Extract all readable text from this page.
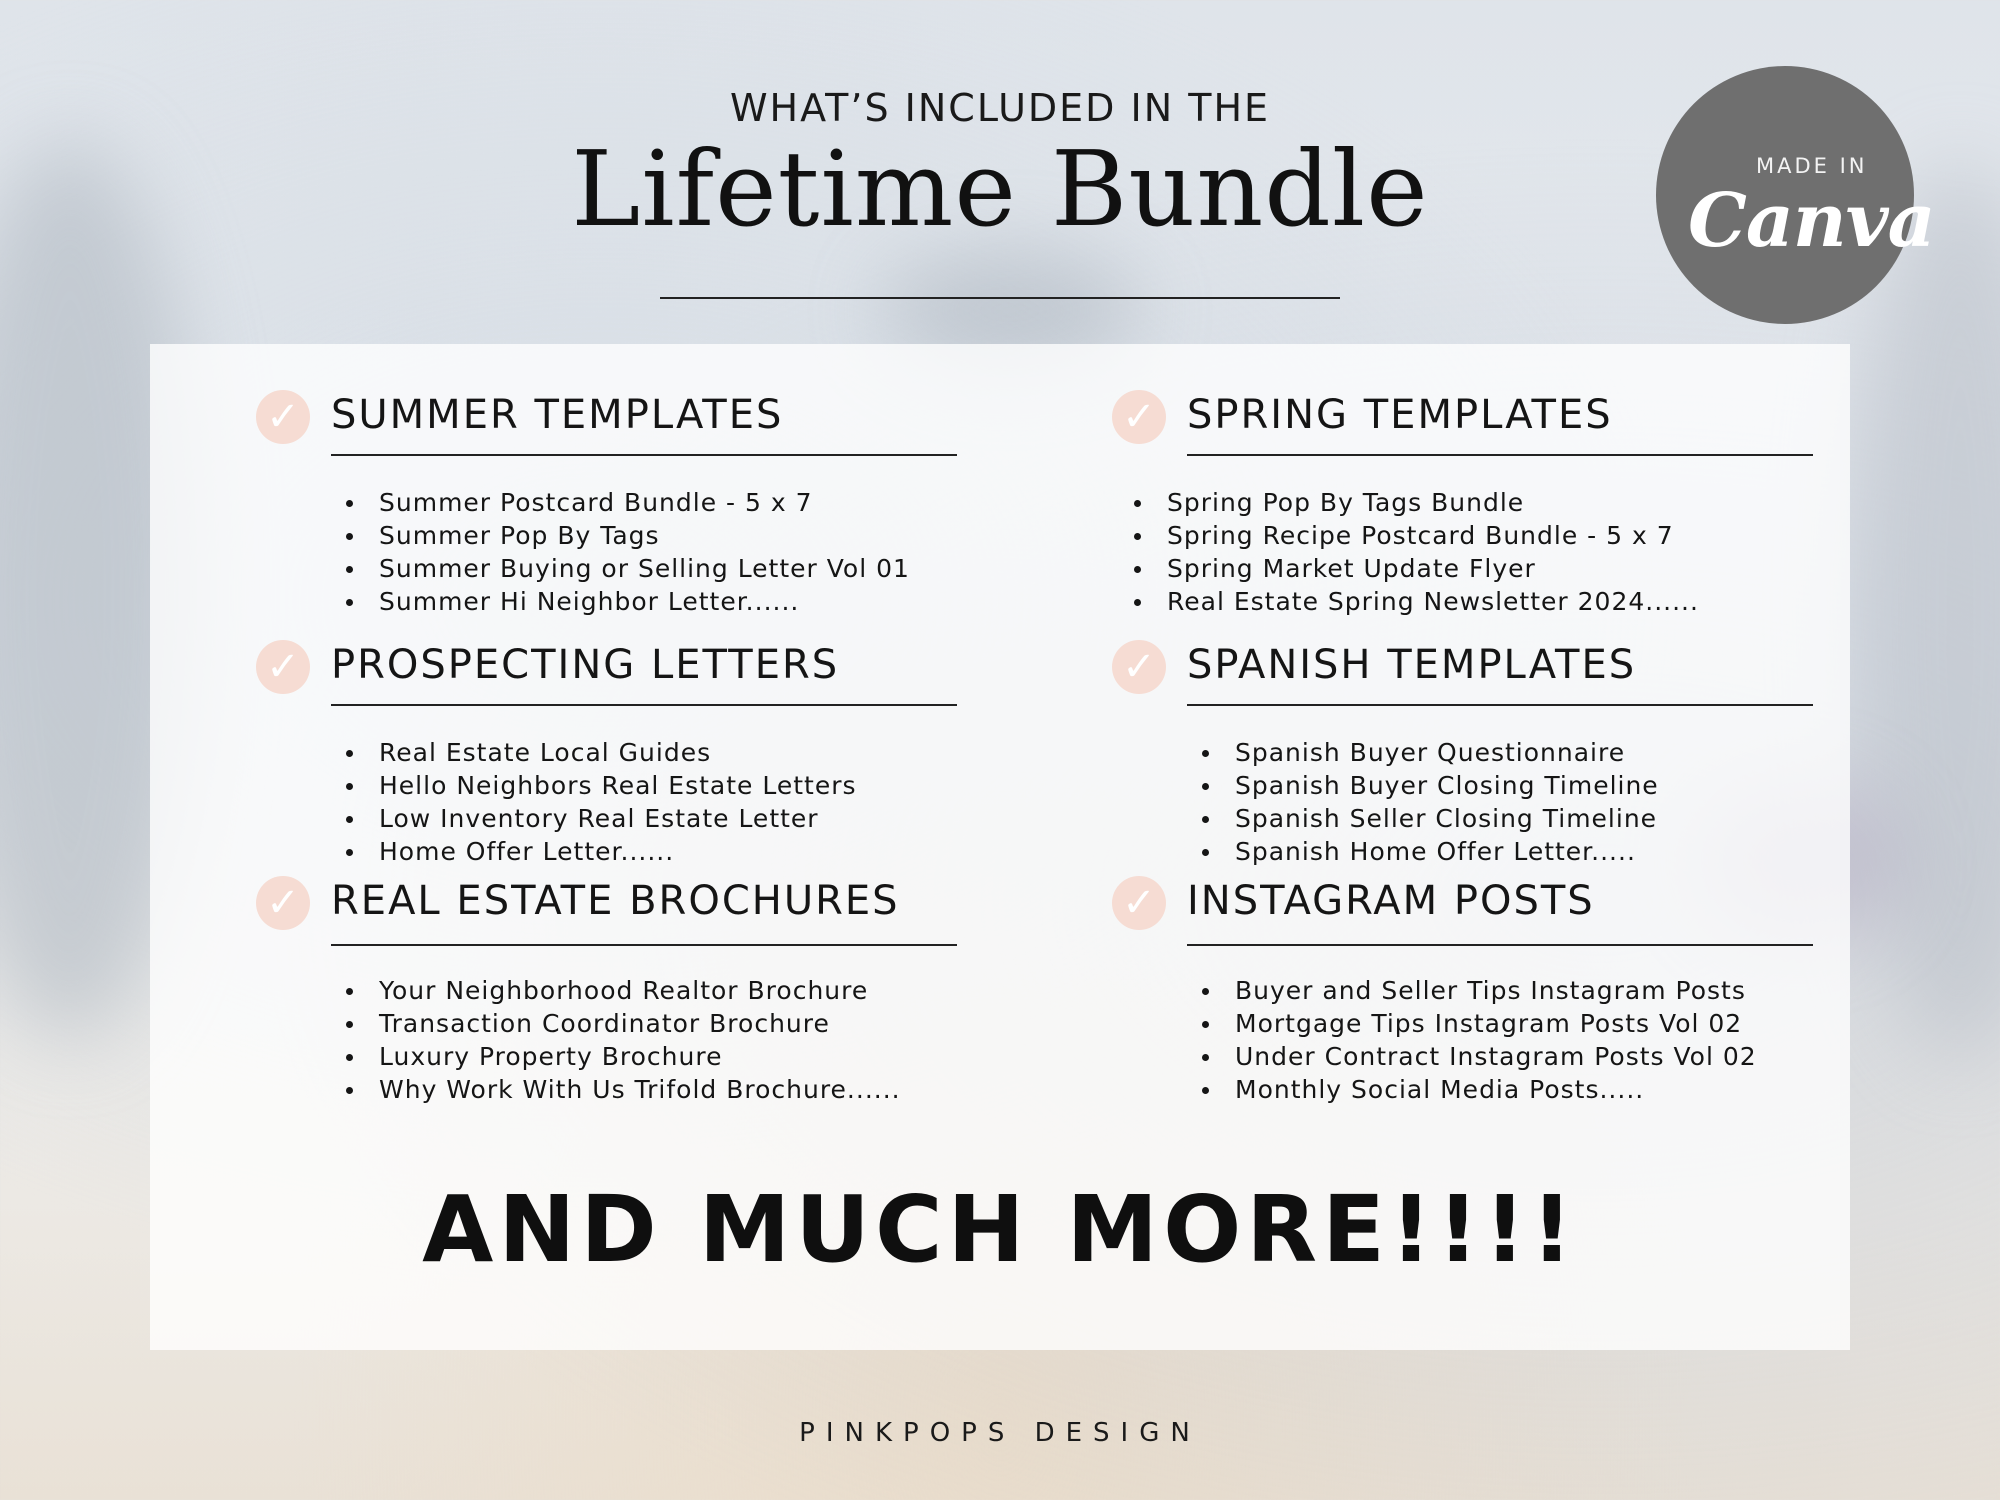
WHAT’S INCLUDED IN THE
Lifetime Bundle	MADE IN
Canva
✓ SUMMER TEMPLATES
Summer Postcard Bundle - 5 x 7
Summer Pop By Tags
Summer Buying or Selling Letter Vol 01
Summer Hi Neighbor Letter......
✓ SPRING TEMPLATES
Spring Pop By Tags Bundle
Spring Recipe Postcard Bundle - 5 x 7
Spring Market Update Flyer
Real Estate Spring Newsletter 2024......
✓ PROSPECTING LETTERS
Real Estate Local Guides
Hello Neighbors Real Estate Letters
Low Inventory Real Estate Letter
Home Offer Letter......
✓ SPANISH TEMPLATES
Spanish Buyer Questionnaire
Spanish Buyer Closing Timeline
Spanish Seller Closing Timeline
Spanish Home Offer Letter.....
✓ REAL ESTATE BROCHURES
Your Neighborhood Realtor Brochure
Transaction Coordinator Brochure
Luxury Property Brochure
Why Work With Us Trifold Brochure......
✓ INSTAGRAM POSTS
Buyer and Seller Tips Instagram Posts
Mortgage Tips Instagram Posts Vol 02
Under Contract Instagram Posts Vol 02
Monthly Social Media Posts.....
AND MUCH MORE!!!!
PINKPOPS DESIGN
